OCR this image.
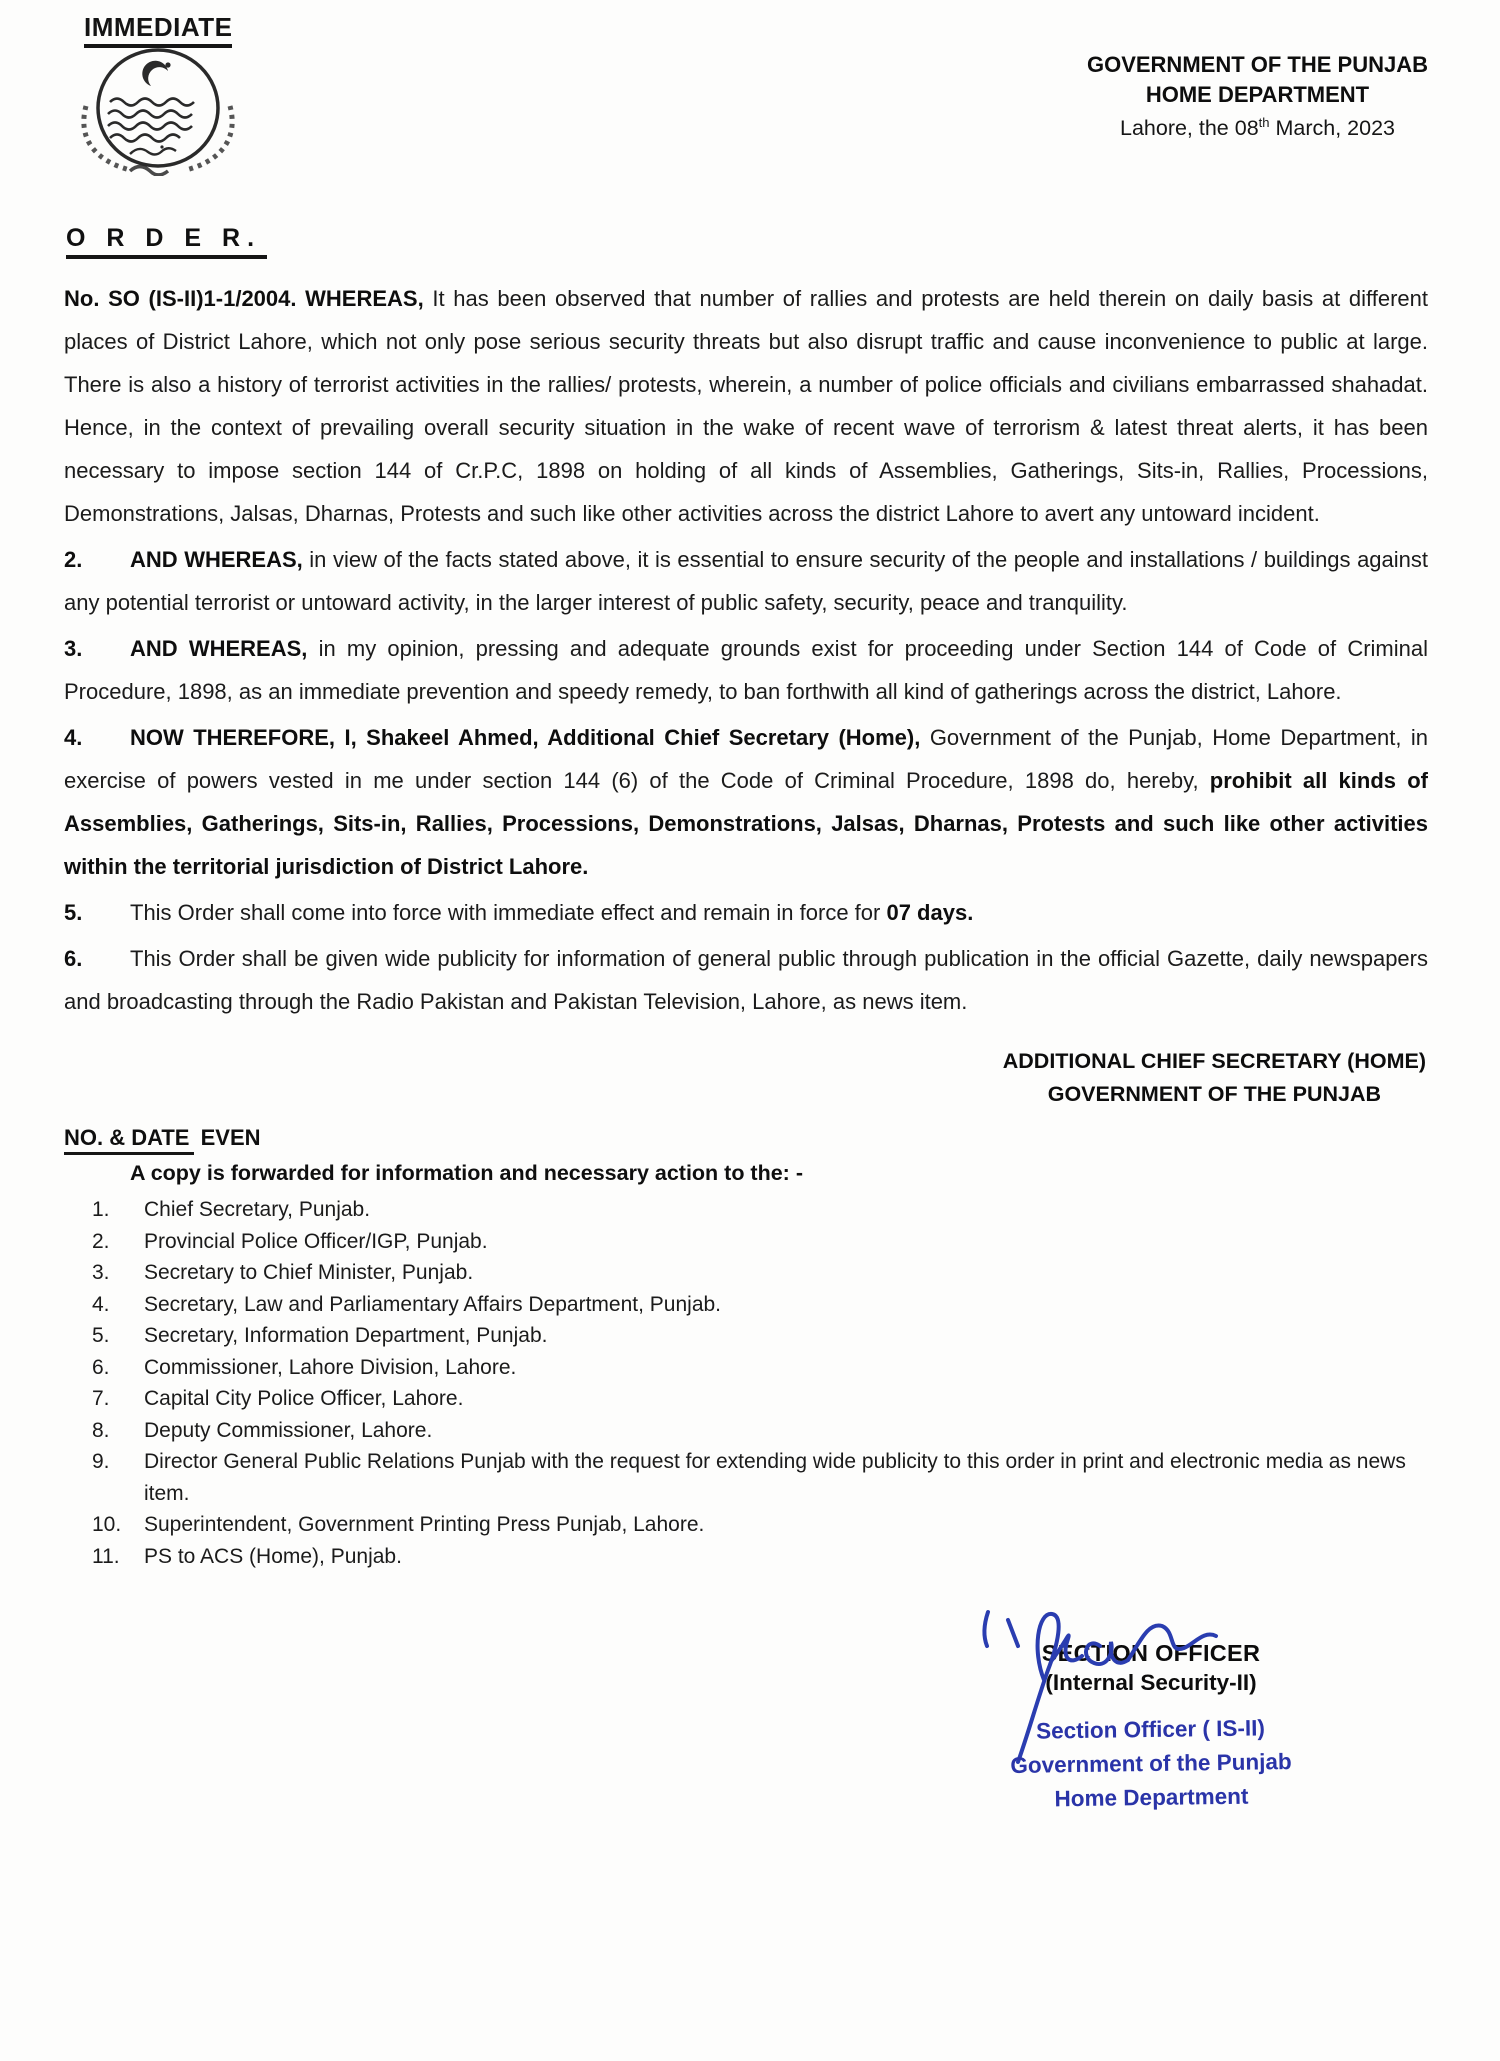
IMMEDIATE
GOVERNMENT OF THE PUNJAB
HOME DEPARTMENT
Lahore, the 08th March, 2023
O R D E R.

No. SO (IS-II)1-1/2004. WHEREAS, It has been observed that number of rallies and protests are held therein on daily basis at different places of District Lahore, which not only pose serious security threats but also disrupt traffic and cause inconvenience to public at large. There is also a history of terrorist activities in the rallies/ protests, wherein, a number of police officials and civilians embarrassed shahadat. Hence, in the context of prevailing overall security situation in the wake of recent wave of terrorism & latest threat alerts, it has been necessary to impose section 144 of Cr.P.C, 1898 on holding of all kinds of Assemblies, Gatherings, Sits-in, Rallies, Processions, Demonstrations, Jalsas, Dharnas, Protests and such like other activities across the district Lahore to avert any untoward incident.

2. AND WHEREAS, in view of the facts stated above, it is essential to ensure security of the people and installations / buildings against any potential terrorist or untoward activity, in the larger interest of public safety, security, peace and tranquility.

3. AND WHEREAS, in my opinion, pressing and adequate grounds exist for proceeding under Section 144 of Code of Criminal Procedure, 1898, as an immediate prevention and speedy remedy, to ban forthwith all kind of gatherings across the district, Lahore.

4. NOW THEREFORE, I, Shakeel Ahmed, Additional Chief Secretary (Home), Government of the Punjab, Home Department, in exercise of powers vested in me under section 144 (6) of the Code of Criminal Procedure, 1898 do, hereby, prohibit all kinds of Assemblies, Gatherings, Sits-in, Rallies, Processions, Demonstrations, Jalsas, Dharnas, Protests and such like other activities within the territorial jurisdiction of District Lahore.

5. This Order shall come into force with immediate effect and remain in force for 07 days.

6. This Order shall be given wide publicity for information of general public through publication in the official Gazette, daily newspapers and broadcasting through the Radio Pakistan and Pakistan Television, Lahore, as news item.

ADDITIONAL CHIEF SECRETARY (HOME)
GOVERNMENT OF THE PUNJAB
NO. & DATE EVEN
A copy is forwarded for information and necessary action to the: -
1.	Chief Secretary, Punjab.
2.	Provincial Police Officer/IGP, Punjab.
3.	Secretary to Chief Minister, Punjab.
4.	Secretary, Law and Parliamentary Affairs Department, Punjab.
5.	Secretary, Information Department, Punjab.
6.	Commissioner, Lahore Division, Lahore.
7.	Capital City Police Officer, Lahore.
8.	Deputy Commissioner, Lahore.
9.	Director General Public Relations Punjab with the request for extending wide publicity to this order in print and electronic media as news item.
10.	Superintendent, Government Printing Press Punjab, Lahore.
11.	PS to ACS (Home), Punjab.
SECTION OFFICER
(Internal Security-II)
Section Officer ( IS-II)
Government of the Punjab
Home Department
